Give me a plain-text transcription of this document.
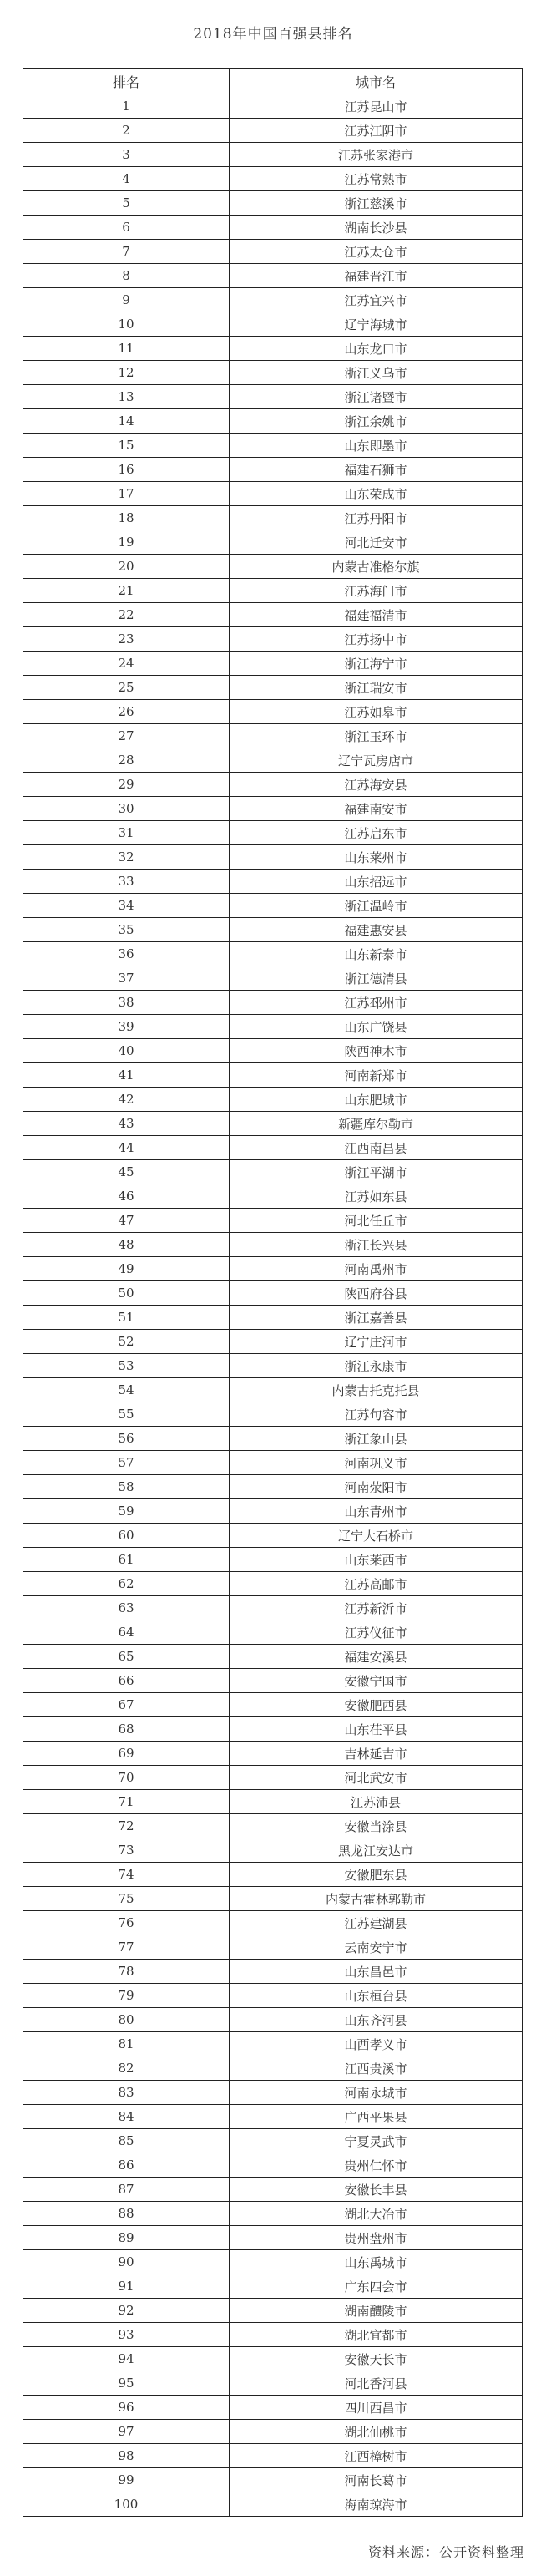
2018年中国百强县排名
排名	城市名
1	江苏昆山市
2	江苏江阴市
3	江苏张家港市
4	江苏常熟市
5	浙江慈溪市
6	湖南长沙县
7	江苏太仓市
8	福建晋江市
9	江苏宜兴市
10	辽宁海城市
11	山东龙口市
12	浙江义乌市
13	浙江诸暨市
14	浙江余姚市
15	山东即墨市
16	福建石狮市
17	山东荣成市
18	江苏丹阳市
19	河北迁安市
20	内蒙古准格尔旗
21	江苏海门市
22	福建福清市
23	江苏扬中市
24	浙江海宁市
25	浙江瑞安市
26	江苏如皋市
27	浙江玉环市
28	辽宁瓦房店市
29	江苏海安县
30	福建南安市
31	江苏启东市
32	山东莱州市
33	山东招远市
34	浙江温岭市
35	福建惠安县
36	山东新泰市
37	浙江德清县
38	江苏邳州市
39	山东广饶县
40	陕西神木市
41	河南新郑市
42	山东肥城市
43	新疆库尔勒市
44	江西南昌县
45	浙江平湖市
46	江苏如东县
47	河北任丘市
48	浙江长兴县
49	河南禹州市
50	陕西府谷县
51	浙江嘉善县
52	辽宁庄河市
53	浙江永康市
54	内蒙古托克托县
55	江苏句容市
56	浙江象山县
57	河南巩义市
58	河南荥阳市
59	山东青州市
60	辽宁大石桥市
61	山东莱西市
62	江苏高邮市
63	江苏新沂市
64	江苏仪征市
65	福建安溪县
66	安徽宁国市
67	安徽肥西县
68	山东茌平县
69	吉林延吉市
70	河北武安市
71	江苏沛县
72	安徽当涂县
73	黑龙江安达市
74	安徽肥东县
75	内蒙古霍林郭勒市
76	江苏建湖县
77	云南安宁市
78	山东昌邑市
79	山东桓台县
80	山东齐河县
81	山西孝义市
82	江西贵溪市
83	河南永城市
84	广西平果县
85	宁夏灵武市
86	贵州仁怀市
87	安徽长丰县
88	湖北大冶市
89	贵州盘州市
90	山东禹城市
91	广东四会市
92	湖南醴陵市
93	湖北宜都市
94	安徽天长市
95	河北香河县
96	四川西昌市
97	湖北仙桃市
98	江西樟树市
99	河南长葛市
100	海南琼海市
资料来源：公开资料整理
